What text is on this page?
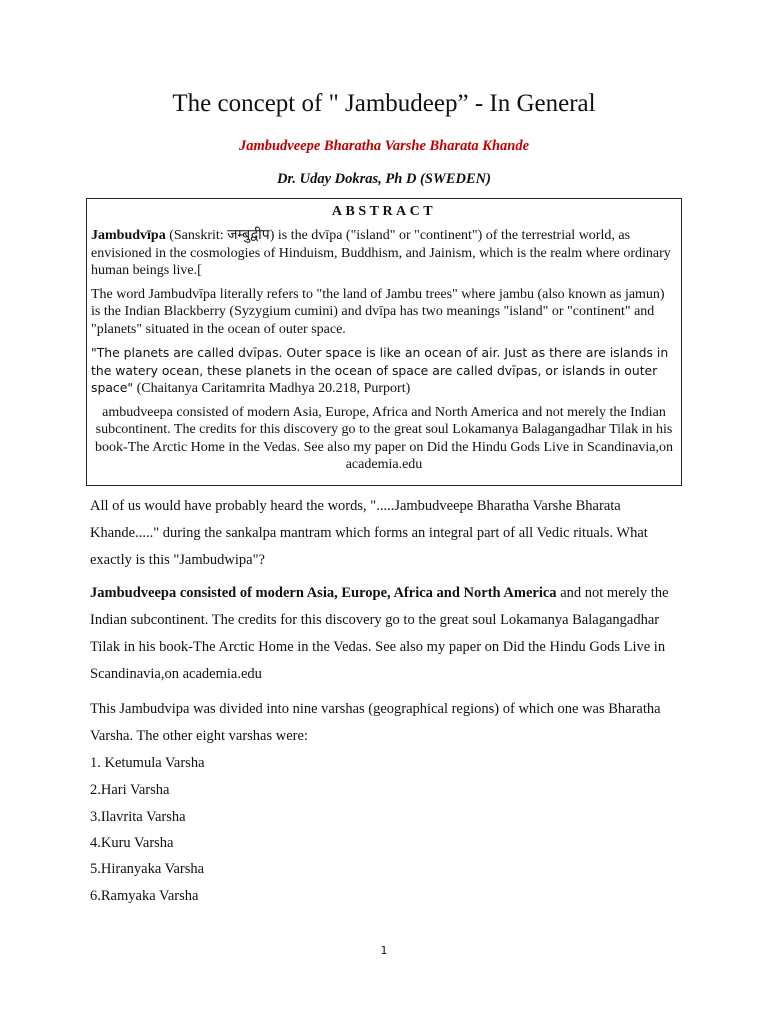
The concept of " Jambudeep” - In General
Jambudveepe Bharatha Varshe Bharata Khande
Dr. Uday Dokras, Ph D (SWEDEN)
ABSTRACT

Jambudvīpa (Sanskrit: जम्बुद्वीप) is the dvīpa ("island" or "continent") of the terrestrial world, as envisioned in the cosmologies of Hinduism, Buddhism, and Jainism, which is the realm where ordinary human beings live.[

The word Jambudvīpa literally refers to "the land of Jambu trees" where jambu (also known as jamun) is the Indian Blackberry (Syzygium cumini) and dvīpa has two meanings "island" or "continent" and "planets" situated in the ocean of outer space.

"The planets are called dvīpas. Outer space is like an ocean of air. Just as there are islands in the watery ocean, these planets in the ocean of space are called dvīpas, or islands in outer space" (Chaitanya Caritamrita Madhya 20.218, Purport)

ambudveepa consisted of modern Asia, Europe, Africa and North America and not merely the Indian subcontinent. The credits for this discovery go to the great soul Lokamanya Balagangadhar Tilak in his book-The Arctic Home in the Vedas. See also my paper on Did the Hindu Gods Live in Scandinavia,on academia.edu

All of us would have probably heard the words, ".....Jambudveepe Bharatha Varshe Bharata Khande....." during the sankalpa mantram which forms an integral part of all Vedic rituals. What exactly is this "Jambudwipa"?

Jambudveepa consisted of modern Asia, Europe, Africa and North America and not merely the Indian subcontinent. The credits for this discovery go to the great soul Lokamanya Balagangadhar Tilak in his book-The Arctic Home in the Vedas. See also my paper on Did the Hindu Gods Live in Scandinavia,on academia.edu

This Jambudvipa was divided into nine varshas (geographical regions) of which one was Bharatha Varsha. The other eight varshas were:

1. Ketumula Varsha

2.Hari Varsha

3.Ilavrita Varsha

4.Kuru Varsha

5.Hiranyaka Varsha

6.Ramyaka Varsha

1
